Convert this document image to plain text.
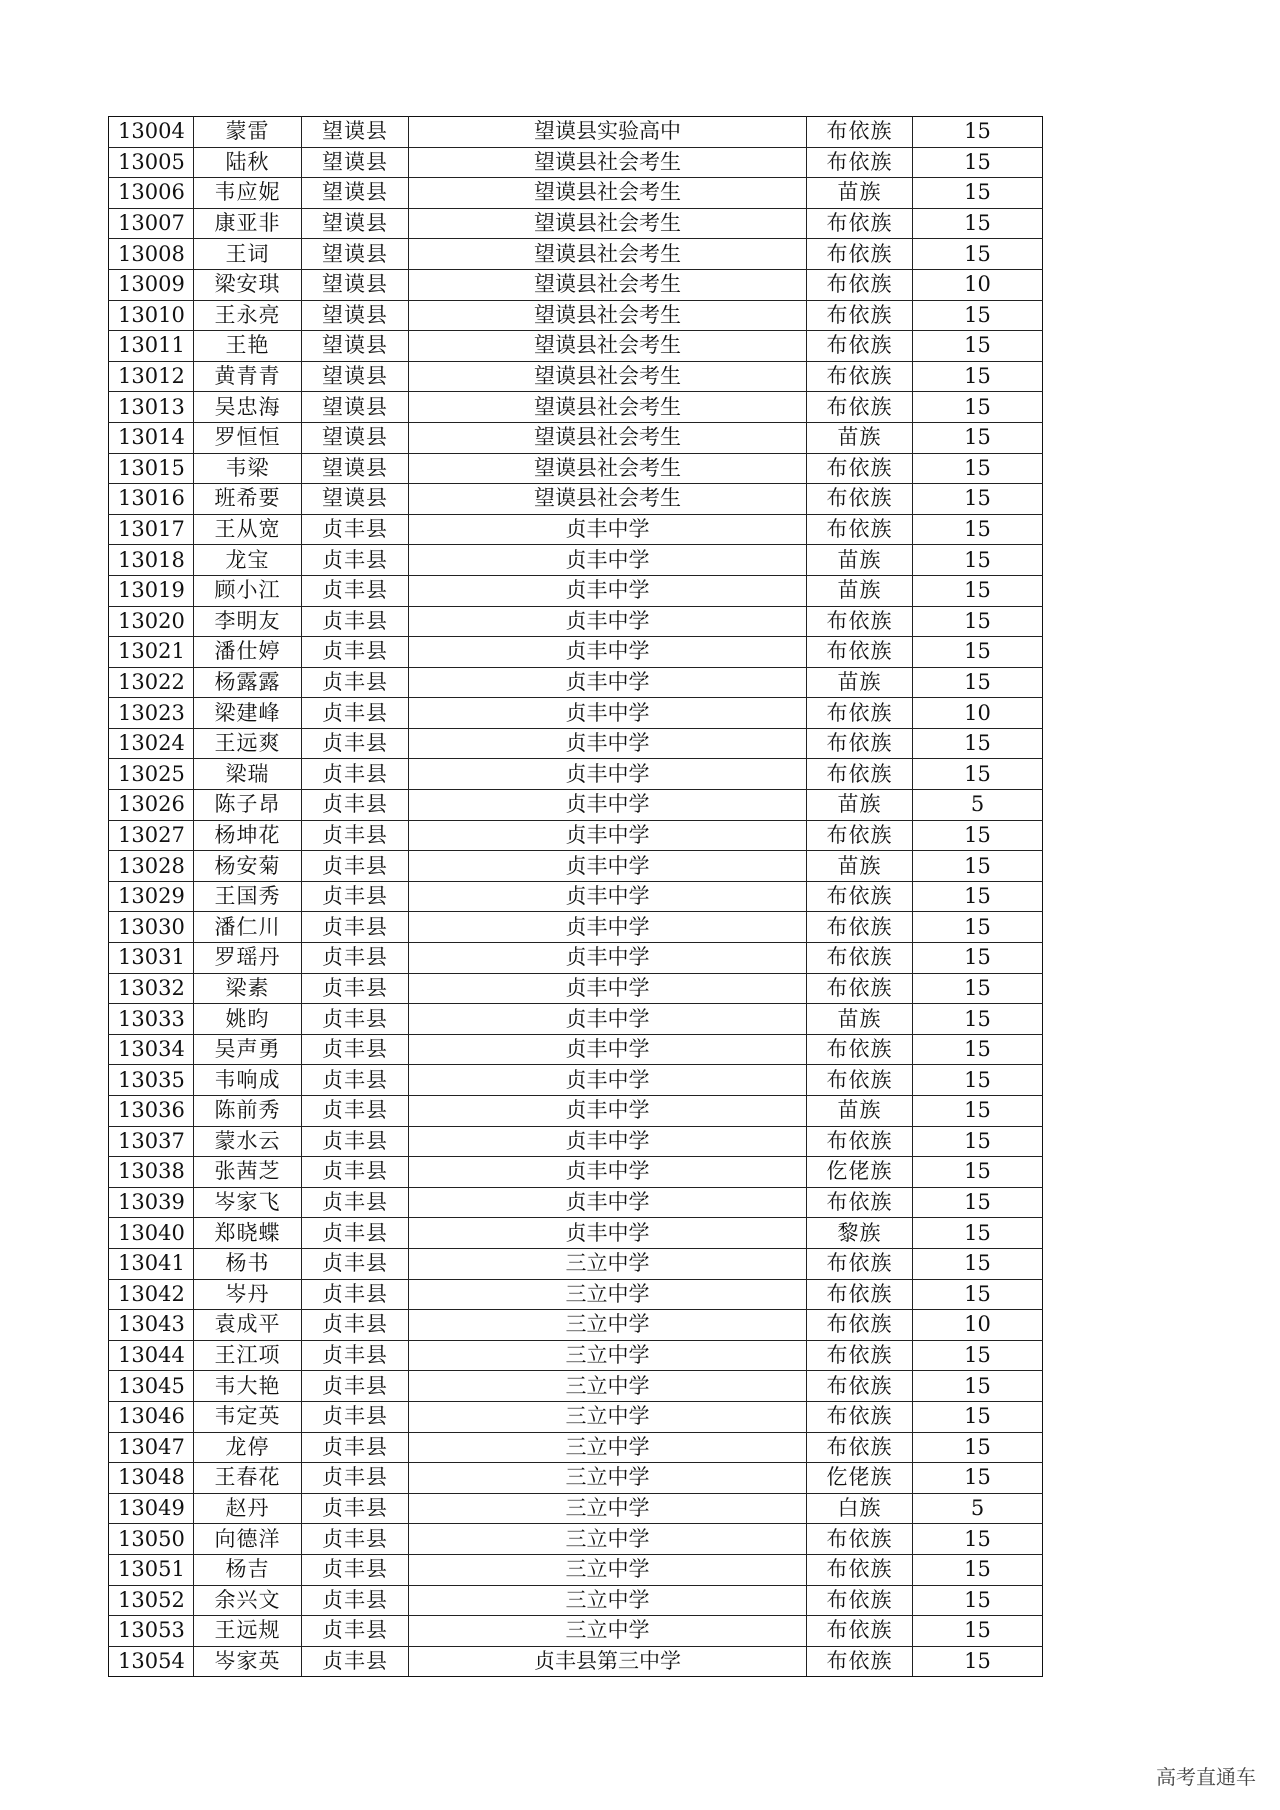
13004	蒙雷	望谟县	望谟县实验高中	布依族	15
13005	陆秋	望谟县	望谟县社会考生	布依族	15
13006	韦应妮	望谟县	望谟县社会考生	苗族	15
13007	康亚非	望谟县	望谟县社会考生	布依族	15
13008	王词	望谟县	望谟县社会考生	布依族	15
13009	梁安琪	望谟县	望谟县社会考生	布依族	10
13010	王永亮	望谟县	望谟县社会考生	布依族	15
13011	王艳	望谟县	望谟县社会考生	布依族	15
13012	黄青青	望谟县	望谟县社会考生	布依族	15
13013	吴忠海	望谟县	望谟县社会考生	布依族	15
13014	罗恒恒	望谟县	望谟县社会考生	苗族	15
13015	韦梁	望谟县	望谟县社会考生	布依族	15
13016	班希要	望谟县	望谟县社会考生	布依族	15
13017	王从宽	贞丰县	贞丰中学	布依族	15
13018	龙宝	贞丰县	贞丰中学	苗族	15
13019	顾小江	贞丰县	贞丰中学	苗族	15
13020	李明友	贞丰县	贞丰中学	布依族	15
13021	潘仕婷	贞丰县	贞丰中学	布依族	15
13022	杨露露	贞丰县	贞丰中学	苗族	15
13023	梁建峰	贞丰县	贞丰中学	布依族	10
13024	王远爽	贞丰县	贞丰中学	布依族	15
13025	梁瑞	贞丰县	贞丰中学	布依族	15
13026	陈子昂	贞丰县	贞丰中学	苗族	5
13027	杨坤花	贞丰县	贞丰中学	布依族	15
13028	杨安菊	贞丰县	贞丰中学	苗族	15
13029	王国秀	贞丰县	贞丰中学	布依族	15
13030	潘仁川	贞丰县	贞丰中学	布依族	15
13031	罗瑶丹	贞丰县	贞丰中学	布依族	15
13032	梁素	贞丰县	贞丰中学	布依族	15
13033	姚昀	贞丰县	贞丰中学	苗族	15
13034	吴声勇	贞丰县	贞丰中学	布依族	15
13035	韦响成	贞丰县	贞丰中学	布依族	15
13036	陈前秀	贞丰县	贞丰中学	苗族	15
13037	蒙水云	贞丰县	贞丰中学	布依族	15
13038	张茜芝	贞丰县	贞丰中学	仡佬族	15
13039	岑家飞	贞丰县	贞丰中学	布依族	15
13040	郑晓蝶	贞丰县	贞丰中学	黎族	15
13041	杨书	贞丰县	三立中学	布依族	15
13042	岑丹	贞丰县	三立中学	布依族	15
13043	袁成平	贞丰县	三立中学	布依族	10
13044	王江项	贞丰县	三立中学	布依族	15
13045	韦大艳	贞丰县	三立中学	布依族	15
13046	韦定英	贞丰县	三立中学	布依族	15
13047	龙停	贞丰县	三立中学	布依族	15
13048	王春花	贞丰县	三立中学	仡佬族	15
13049	赵丹	贞丰县	三立中学	白族	5
13050	向德洋	贞丰县	三立中学	布依族	15
13051	杨吉	贞丰县	三立中学	布依族	15
13052	余兴文	贞丰县	三立中学	布依族	15
13053	王远规	贞丰县	三立中学	布依族	15
13054	岑家英	贞丰县	贞丰县第三中学	布依族	15
高考直通车
